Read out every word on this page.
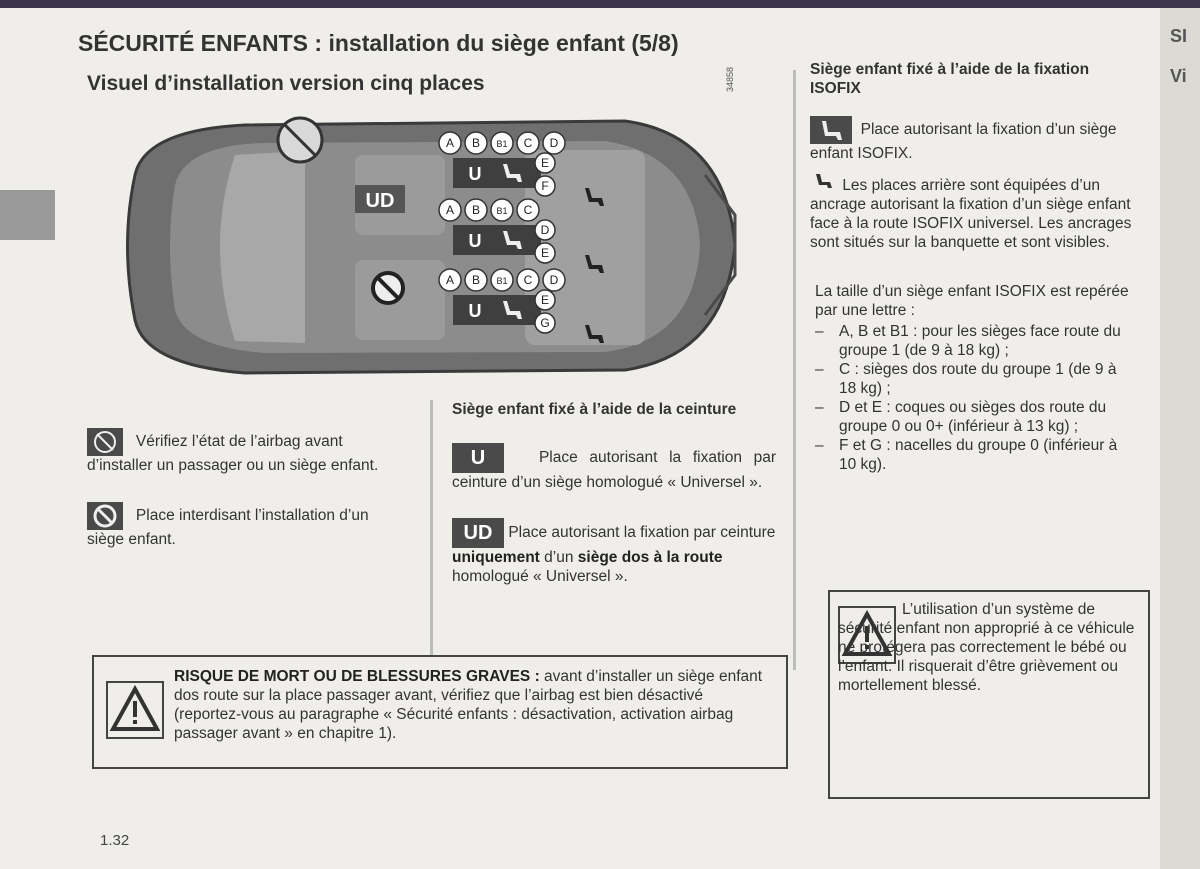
SI
Vi
SÉCURITÉ ENFANTS : installation du siège enfant (5/8)
Visuel d’installation version cinq places	34858
UD
A B B1 C D
U
E
F
A B B1 C
U
D
E
A B B1 C D
U
E
G
Vérifiez l’état de l’airbag avant d’installer un passager ou un siège enfant.
Place interdisant l’installation d’un siège enfant.
Siège enfant fixé à l’aide de la ceinture
U	Place autorisant la fixation par ceinture d’un siège homologué « Universel ».
UD Place autorisant la fixation par ceinture uniquement d’un siège dos à la route homologué « Universel ».
Siège enfant fixé à l’aide de la fixation ISOFIX
Place autorisant la fixation d’un siège enfant ISOFIX.
Les places arrière sont équipées d’un ancrage autorisant la fixation d’un siège enfant face à la route ISOFIX universel. Les ancrages sont situés sur la banquette et sont visibles.
La taille d’un siège enfant ISOFIX est repérée par une lettre :
– A, B et B1 : pour les sièges face route du groupe 1 (de 9 à 18 kg) ;
– C : sièges dos route du groupe 1 (de 9 à 18 kg) ;
– D et E : coques ou sièges dos route du groupe 0 ou 0+ (inférieur à 13 kg) ;
– F et G : nacelles du groupe 0 (inférieur à 10 kg).
L’utilisation d’un système de sécurité enfant non approprié à ce véhicule ne protégera pas correctement le bébé ou l’enfant. Il risquerait d’être grièvement ou mortellement blessé.
RISQUE DE MORT OU DE BLESSURES GRAVES : avant d’installer un siège enfant dos route sur la place passager avant, vérifiez que l’airbag est bien désactivé (reportez-vous au paragraphe « Sécurité enfants : désactivation, activation airbag passager avant » en chapitre 1).
1.32
